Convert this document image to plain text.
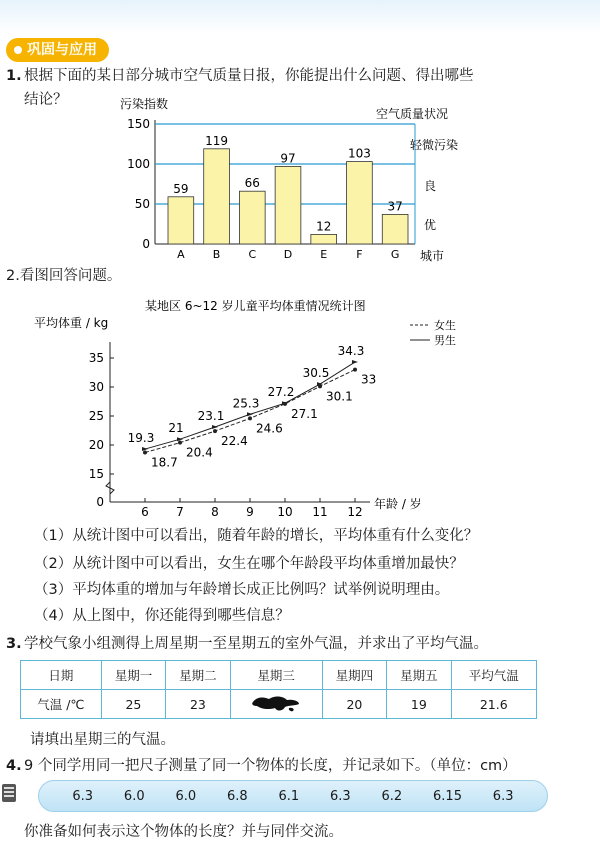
巩固与应用
1. 根据下面的某日部分城市空气质量日报，你能提出什么问题、得出哪些
结论？	污染指数
空气质量状况
0
50
100
150
59
A
119
B
66
C
97
D
12
E
103
F
37
G
轻微污染
良
优
城市
2.看图回答问题。
某地区 6~12 岁儿童平均体重情况统计图
平均体重 / kg
年龄 / 岁
女生
男生
0
15
20
25
30
35
6 7 8 9 10 11 12
18.7
20.4
22.4
24.6
27.1
30.1
33
19.3
21
23.1
25.3
27.2
30.5
34.3
（1）从统计图中可以看出，随着年龄的增长，平均体重有什么变化？
（2）从统计图中可以看出，女生在哪个年龄段平均体重增加最快？
（3）平均体重的增加与年龄增长成正比例吗？试举例说明理由。
（4）从上图中，你还能得到哪些信息？
3. 学校气象小组测得上周星期一至星期五的室外气温，并求出了平均气温。
日期	星期一	星期二	星期三	星期四	星期五	平均气温
气温 /℃	25	23		20	19	21.6
请填出星期三的气温。
4. 9 个同学用同一把尺子测量了同一个物体的长度，并记录如下。（单位：cm）
6.3 6.0 6.0 6.8 6.1 6.3 6.2 6.15 6.3
你准备如何表示这个物体的长度？并与同伴交流。
